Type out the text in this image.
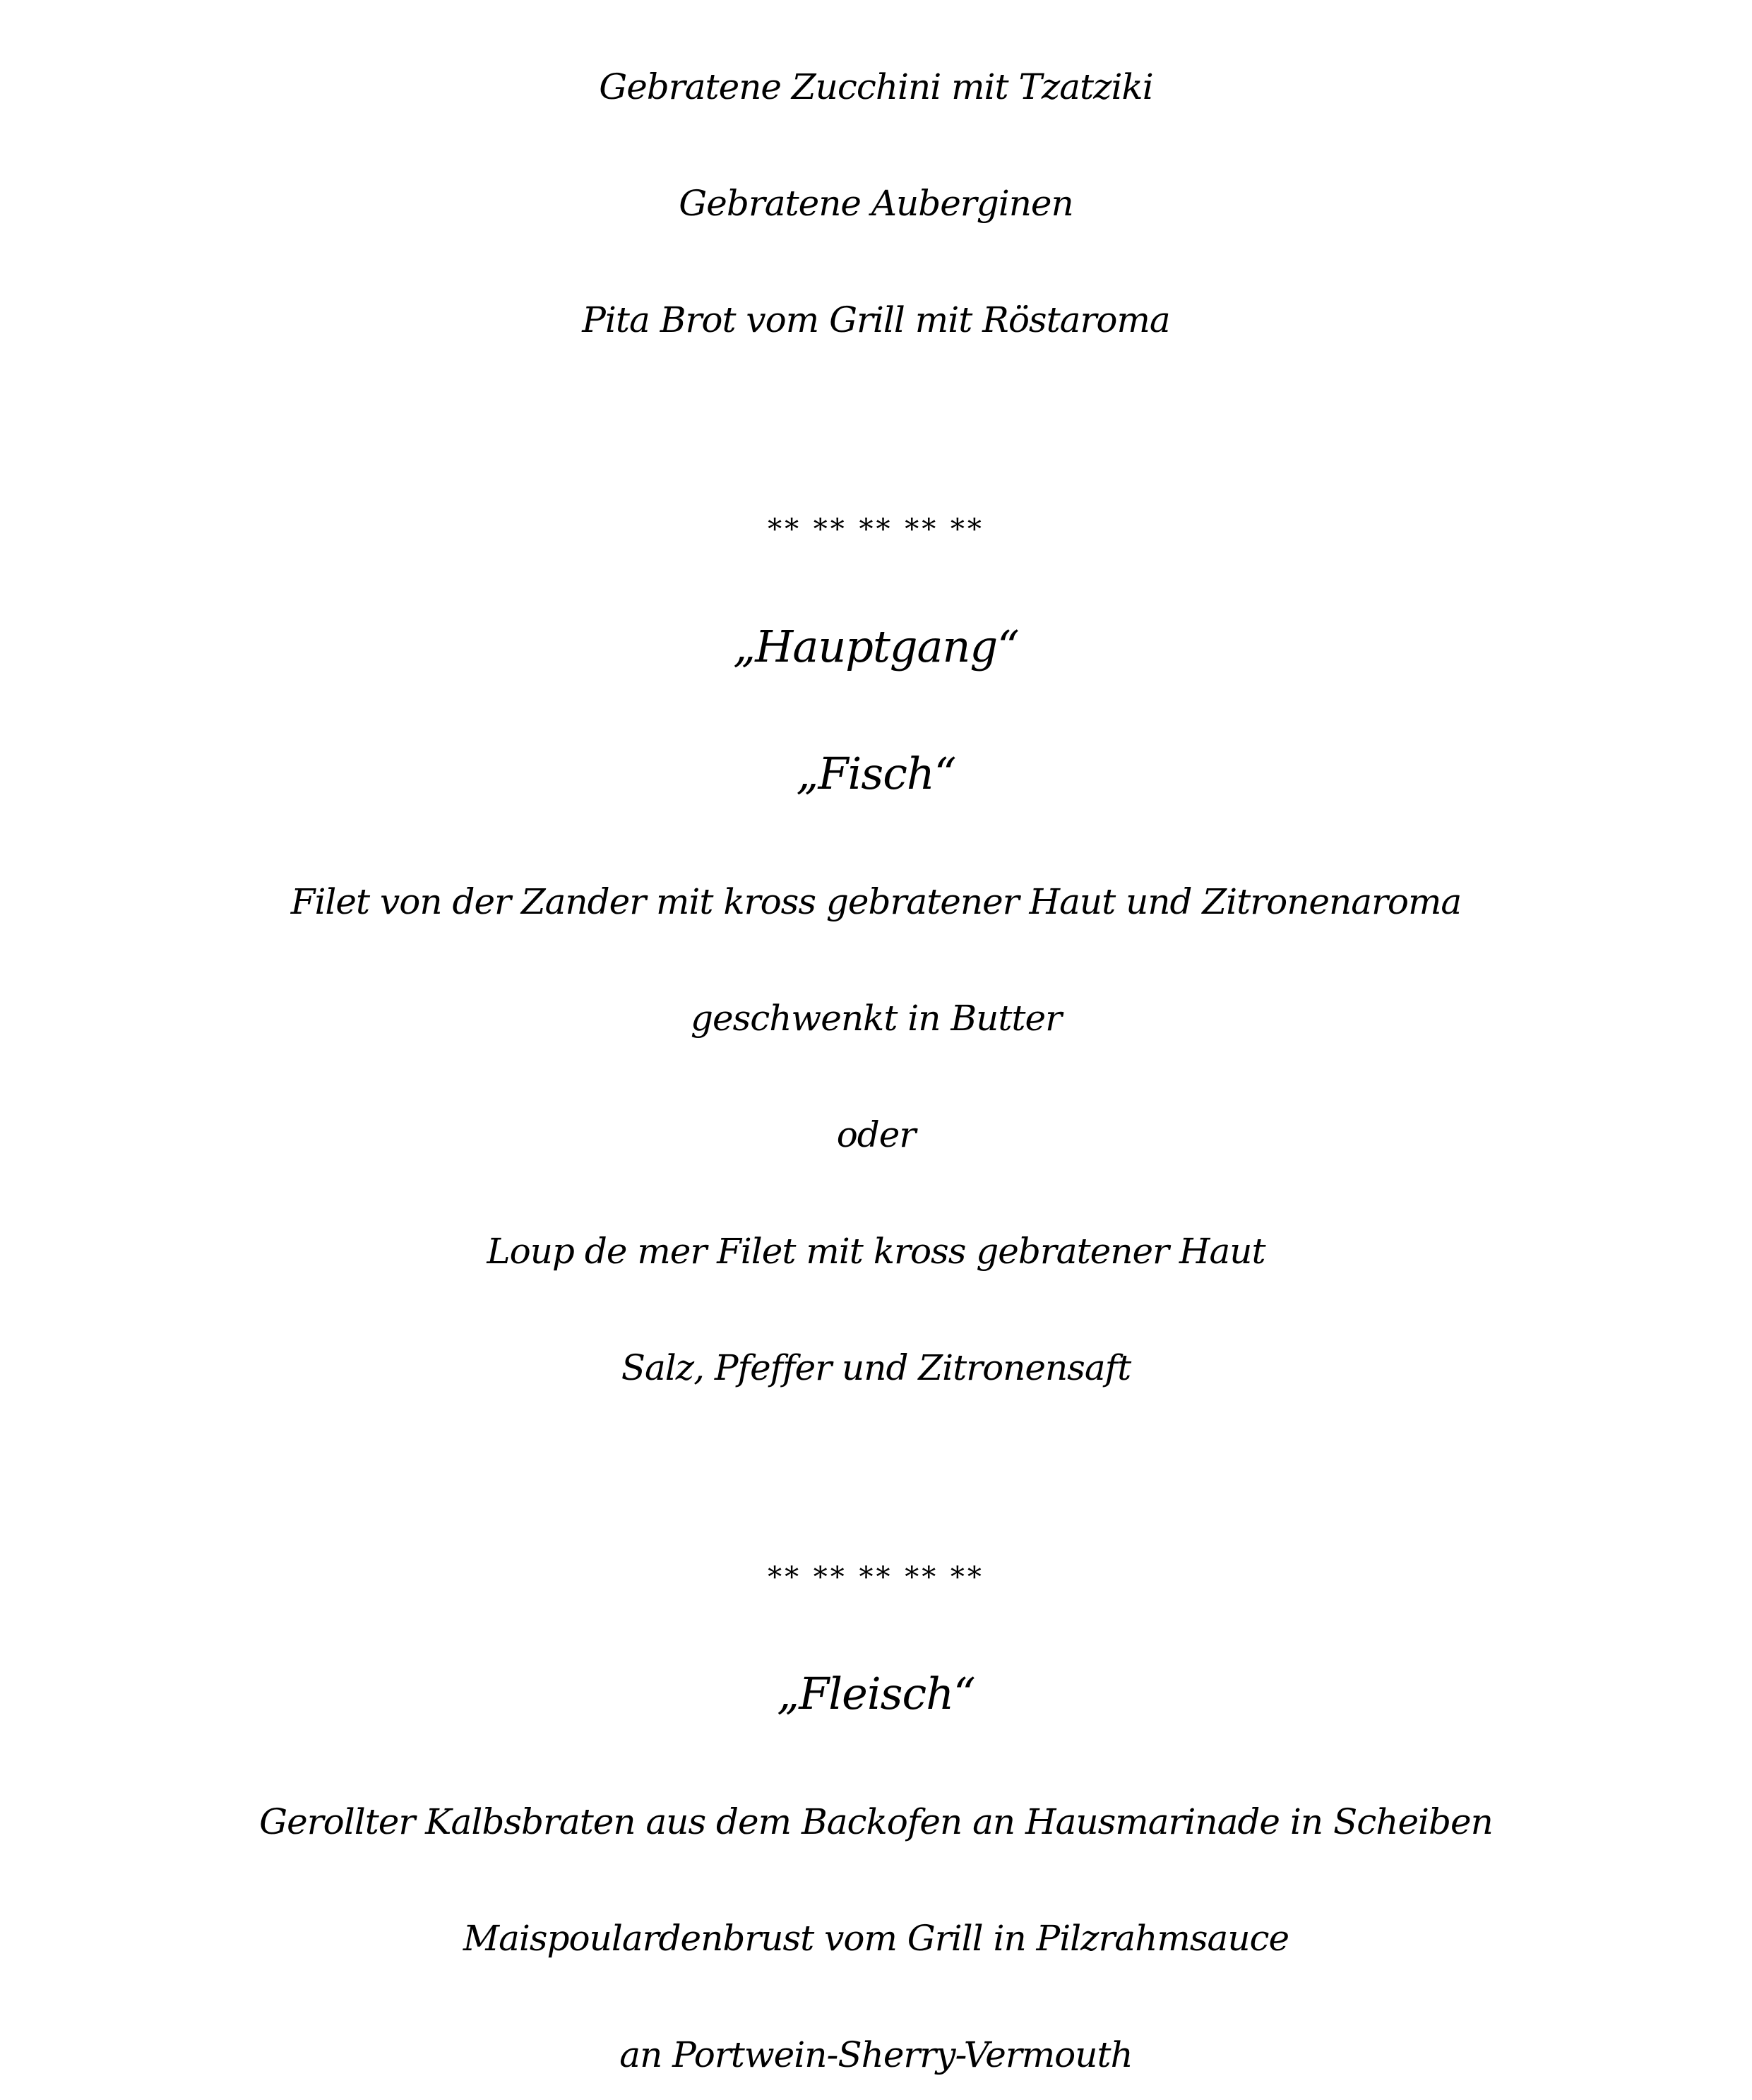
Gebratene Zucchini mit Tzatziki
Gebratene Auberginen
Pita Brot vom Grill mit Röstaroma
** ** ** ** **
„Hauptgang“
„Fisch“
Filet von der Zander mit kross gebratener Haut und Zitronenaroma
geschwenkt in Butter
oder
Loup de mer Filet mit kross gebratener Haut
Salz, Pfeffer und Zitronensaft
** ** ** ** **
„Fleisch“
Gerollter Kalbsbraten aus dem Backofen an Hausmarinade in Scheiben
Maispoulardenbrust vom Grill in Pilzrahmsauce
an Portwein-Sherry-Vermouth
